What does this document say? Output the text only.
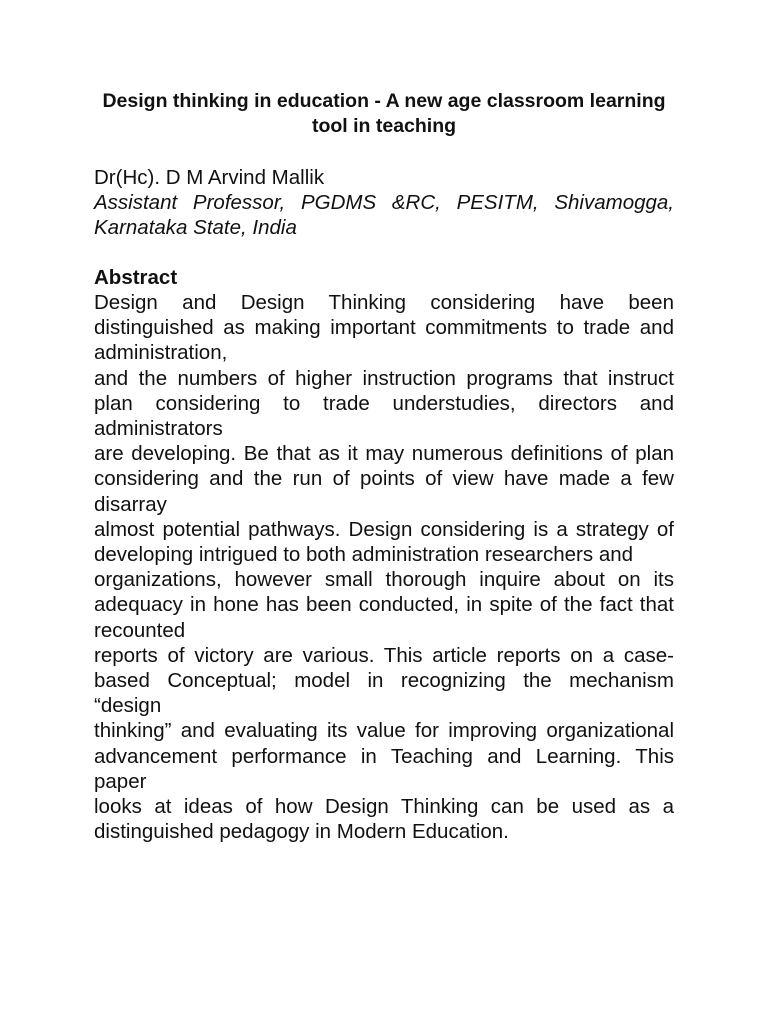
Design thinking in education - A new age classroom learning
tool in teaching
Dr(Hc). D M Arvind Mallik
Assistant Professor, PGDMS &RC, PESITM, Shivamogga, Karnataka State, India
Abstract

Design and Design Thinking considering have been distinguished as making important commitments to trade and administration,

and the numbers of higher instruction programs that instruct plan considering to trade understudies, directors and administrators

are developing. Be that as it may numerous definitions of plan considering and the run of points of view have made a few disarray

almost potential pathways. Design considering is a strategy of developing intrigued to both administration researchers and

organizations, however small thorough inquire about on its adequacy in hone has been conducted, in spite of the fact that recounted

reports of victory are various. This article reports on a case-based Conceptual; model in recognizing the mechanism “design

thinking” and evaluating its value for improving organizational advancement performance in Teaching and Learning. This paper

looks at ideas of how Design Thinking can be used as a distinguished pedagogy in Modern Education.
